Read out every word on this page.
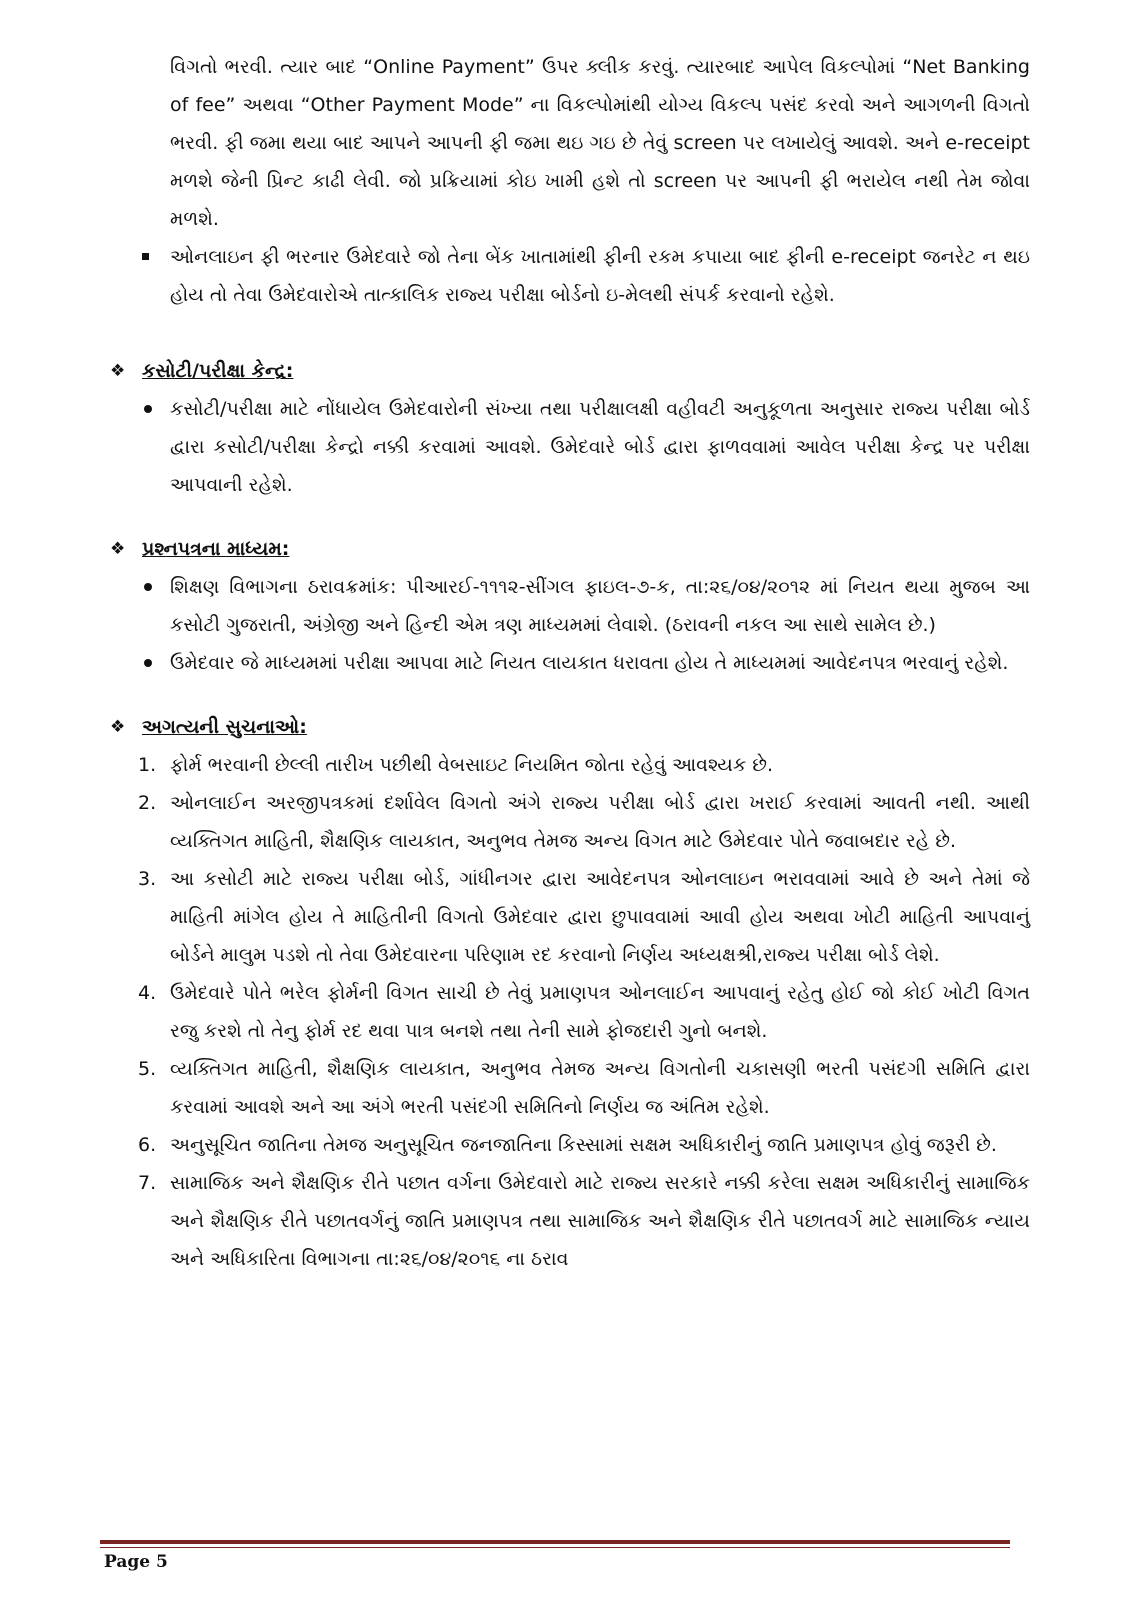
વિગતો ભરવી. ત્યાર બાદ “Online Payment” ઉપર ક્લીક કરવું. ત્યારબાદ આપેલ વિકલ્પોમાં “Net Banking of fee” અથવા “Other Payment Mode” ના વિકલ્પોમાંથી યોગ્ય વિકલ્પ પસંદ કરવો અને આગળની વિગતો ભરવી. ફી જમા થયા બાદ આપને આપની ફી જમા થઇ ગઇ છે તેવું screen પર લખાયેલું આવશે. અને e-receipt મળશે જેની પ્રિન્ટ કાઢી લેવી. જો પ્રક્રિયામાં કોઇ ખામી હશે તો screen પર આપની ફી ભરાયેલ નથી તેમ જોવા મળશે.

ઓનલાઇન ફી ભરનાર ઉમેદવારે જો તેના બેંક ખાતામાંથી ફીની રકમ કપાયા બાદ ફીની e-receipt જનરેટ ન થઇ હોય તો તેવા ઉમેદવારોએ તાત્કાલિક રાજ્ય પરીક્ષા બોર્ડનો ઇ-મેલથી સંપર્ક કરવાનો રહેશે.
❖ કસોટી/પરીક્ષા કેન્દ્ર:
કસોટી/પરીક્ષા માટે નોંધાયેલ ઉમેદવારોની સંખ્યા તથા પરીક્ષાલક્ષી વહીવટી અનુકૂળતા અનુસાર રાજ્ય પરીક્ષા બોર્ડ દ્વારા કસોટી/પરીક્ષા કેન્દ્રો નક્કી કરવામાં આવશે. ઉમેદવારે બોર્ડ દ્વારા ફાળવવામાં આવેલ પરીક્ષા કેન્દ્ર પર પરીક્ષા આપવાની રહેશે.
❖ પ્રશ્નપત્રના માધ્યમ:
શિક્ષણ વિભાગના ઠરાવક્રમાંક: પીઆરઈ-૧૧૧૨-સીંગલ ફાઇલ-૭-ક, તા:૨૬/૦૪/૨૦૧૨ માં નિયત થયા મુજબ આ કસોટી ગુજરાતી, અંગ્રેજી અને હિન્દી એમ ત્રણ માધ્યમમાં લેવાશે. (ઠરાવની નકલ આ સાથે સામેલ છે.)
ઉમેદવાર જે માધ્યમમાં પરીક્ષા આપવા માટે નિયત લાયકાત ધરાવતા હોય તે માધ્યમમાં આવેદનપત્ર ભરવાનું રહેશે.
❖ અગત્યની સુચનાઓ:
1. ફોર્મ ભરવાની છેલ્લી તારીખ પછીથી વેબસાઇટ નિયમિત જોતા રહેવું આવશ્યક છે.
2. ઓનલાઈન અરજીપત્રકમાં દર્શાવેલ વિગતો અંગે રાજ્ય પરીક્ષા બોર્ડ દ્વારા ખરાઈ કરવામાં આવતી નથી. આથી વ્યક્તિગત માહિતી, શૈક્ષણિક લાયકાત, અનુભવ તેમજ અન્ય વિગત માટે ઉમેદવાર પોતે જવાબદાર રહે છે.
3. આ કસોટી માટે રાજ્ય પરીક્ષા બોર્ડ, ગાંધીનગર દ્વારા આવેદનપત્ર ઓનલાઇન ભરાવવામાં આવે છે અને તેમાં જે માહિતી માંગેલ હોય તે માહિતીની વિગતો ઉમેદવાર દ્વારા છુપાવવામાં આવી હોય અથવા ખોટી માહિતી આપવાનું બોર્ડને માલુમ પડશે તો તેવા ઉમેદવારના પરિણામ રદ કરવાનો નિર્ણય અધ્યક્ષશ્રી,રાજ્ય પરીક્ષા બોર્ડ લેશે.
4. ઉમેદવારે પોતે ભરેલ ફોર્મની વિગત સાચી છે તેવું પ્રમાણપત્ર ઓનલાઈન આપવાનું રહેતુ હોઈ જો કોઈ ખોટી વિગત રજુ કરશે તો તેનુ ફોર્મ રદ થવા પાત્ર બનશે તથા તેની સામે ફોજદારી ગુનો બનશે.
5. વ્યક્તિગત માહિતી, શૈક્ષણિક લાયકાત, અનુભવ તેમજ અન્ય વિગતોની ચકાસણી ભરતી પસંદગી સમિતિ દ્વારા કરવામાં આવશે અને આ અંગે ભરતી પસંદગી સમિતિનો નિર્ણય જ અંતિમ રહેશે.
6. અનુસૂચિત જાતિના તેમજ અનુસૂચિત જનજાતિના કિસ્સામાં સક્ષમ અધિકારીનું જાતિ પ્રમાણપત્ર હોવું જરૂરી છે.
7. સામાજિક અને શૈક્ષણિક રીતે પછાત વર્ગના ઉમેદવારો માટે રાજ્ય સરકારે નક્કી કરેલા સક્ષમ અધિકારીનું સામાજિક અને શૈક્ષણિક રીતે પછાતવર્ગનું જાતિ પ્રમાણપત્ર તથા સામાજિક અને શૈક્ષણિક રીતે પછાતવર્ગ માટે સામાજિક ન્યાય અને અધિકારિતા વિભાગના તા:૨૬/૦૪/૨૦૧૬ ના ઠરાવ
Page 5
